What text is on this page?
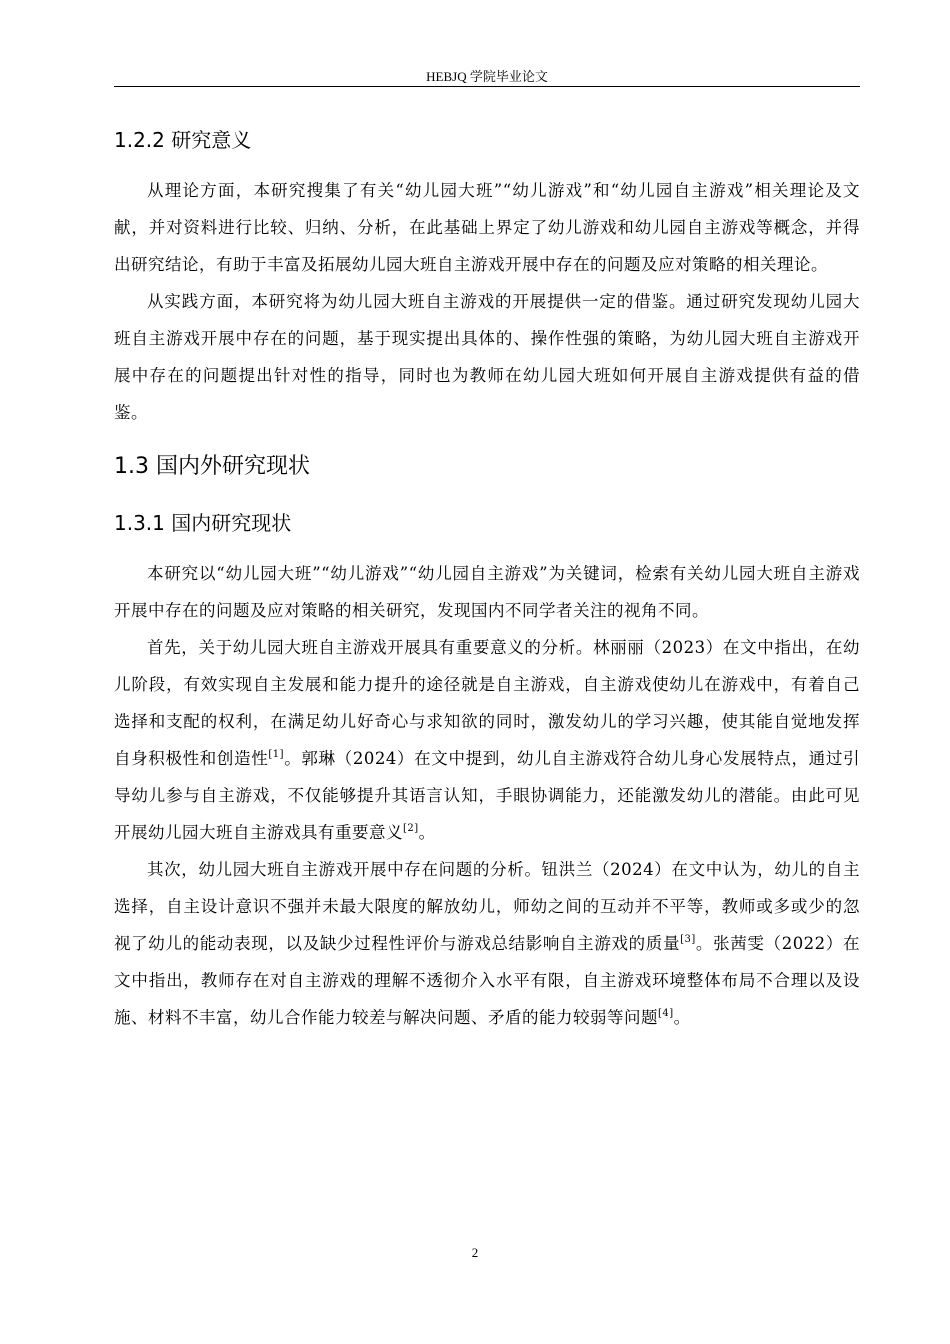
HEBJQ 学院毕业论文
1.2.2 研究意义

从理论方面，本研究搜集了有关“幼儿园大班”“幼儿游戏”和“幼儿园自主游戏”相关理论及文献，并对资料进行比较、归纳、分析，在此基础上界定了幼儿游戏和幼儿园自主游戏等概念，并得出研究结论，有助于丰富及拓展幼儿园大班自主游戏开展中存在的问题及应对策略的相关理论。

从实践方面，本研究将为幼儿园大班自主游戏的开展提供一定的借鉴。通过研究发现幼儿园大班自主游戏开展中存在的问题，基于现实提出具体的、操作性强的策略，为幼儿园大班自主游戏开展中存在的问题提出针对性的指导，同时也为教师在幼儿园大班如何开展自主游戏提供有益的借鉴。

1.3 国内外研究现状
1.3.1 国内研究现状

本研究以“幼儿园大班”“幼儿游戏”“幼儿园自主游戏”为关键词，检索有关幼儿园大班自主游戏开展中存在的问题及应对策略的相关研究，发现国内不同学者关注的视角不同。

首先，关于幼儿园大班自主游戏开展具有重要意义的分析。林丽丽（2023）在文中指出，在幼儿阶段，有效实现自主发展和能力提升的途径就是自主游戏，自主游戏使幼儿在游戏中，有着自己选择和支配的权利，在满足幼儿好奇心与求知欲的同时，激发幼儿的学习兴趣，使其能自觉地发挥自身积极性和创造性[1]。郭琳（2024）在文中提到，幼儿自主游戏符合幼儿身心发展特点，通过引导幼儿参与自主游戏，不仅能够提升其语言认知，手眼协调能力，还能激发幼儿的潜能。由此可见开展幼儿园大班自主游戏具有重要意义[2]。

其次，幼儿园大班自主游戏开展中存在问题的分析。钮洪兰（2024）在文中认为，幼儿的自主选择，自主设计意识不强并未最大限度的解放幼儿，师幼之间的互动并不平等，教师或多或少的忽视了幼儿的能动表现，以及缺少过程性评价与游戏总结影响自主游戏的质量[3]。张茜雯（2022）在文中指出，教师存在对自主游戏的理解不透彻介入水平有限，自主游戏环境整体布局不合理以及设施、材料不丰富，幼儿合作能力较差与解决问题、矛盾的能力较弱等问题[4]。

2
